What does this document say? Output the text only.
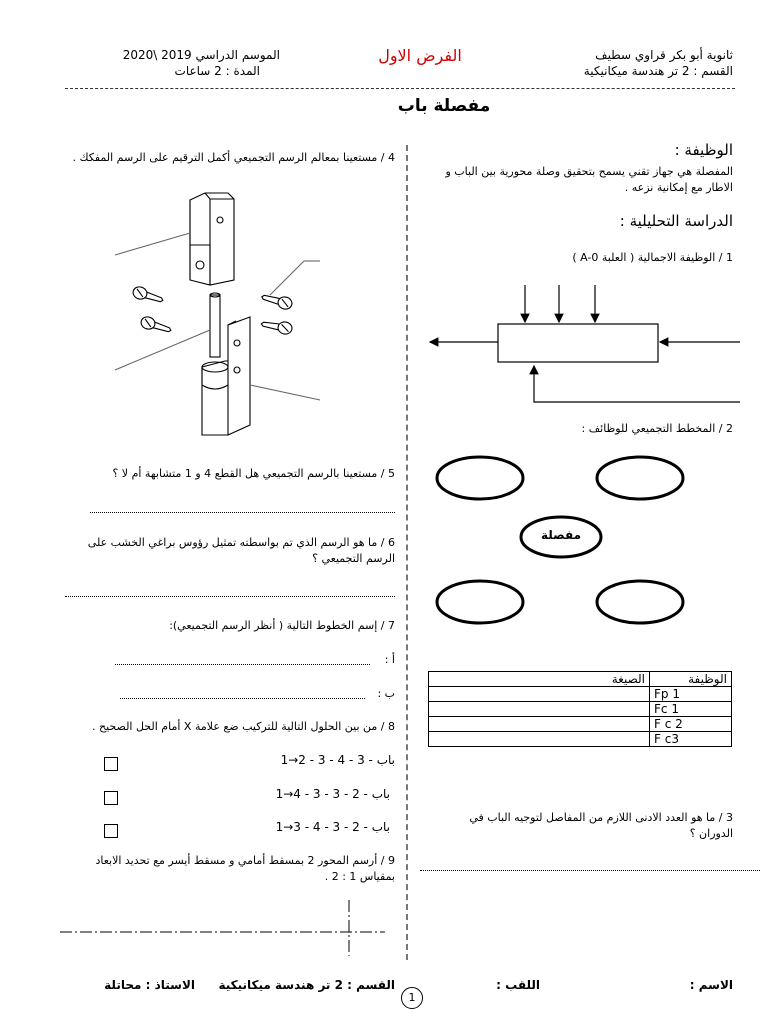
ثانوية أبو بكر قراوي سطيف
القسم : 2 تر هندسة ميكانيكية
الفرض الاول
الموسم الدراسي 2019 \2020
المدة : 2 ساعات
مفصلة باب
الوظيفة :
المفصلة هي جهاز تقني يسمح بتحقيق وصلة محورية بين الباب و الاطار مع إمكانية نزعه .
الدراسة التحليلية :
1 / الوظيفة الاجمالية ( العلبة A-0 )
2 / المخطط التجميعي للوظائف :
مفصلة
الصيغة	الوظيفة
	Fp 1
	Fc 1
	F c 2
	F c3
3 / ما هو العدد الادنى اللازم من المفاصل لتوجيه الباب في الدوران ؟
4 / مستعينا بمعالم الرسم التجميعي أكمل الترقيم على الرسم المفكك .
5 / مستعينا بالرسم التجميعي هل القطع 4 و 1 متشابهة أم لا ؟
6 / ما هو الرسم الذي تم بواسطته تمثيل رؤوس براغي الخشب على الرسم التجميعي ؟
7 / إسم الخطوط التالية ( أنظر الرسم التجميعي):
أ :
ب :
8 / من بين الحلول التالية للتركيب ضع علامة X أمام الحل الصحيح .
باب - 3 - 4 - 3 - 2→1
باب - 2 - 3 - 3 - 4→1
باب - 2 - 3 - 4 - 3→1
9 / أرسم المحور 2 بمسقط أمامي و مسقط أيسر مع تحديد الابعاد بمقياس 1 : 2 .
الاسم :
اللقب :
القسم : 2 تر هندسة ميكانيكية
الاستاذ : محاتلة
1
